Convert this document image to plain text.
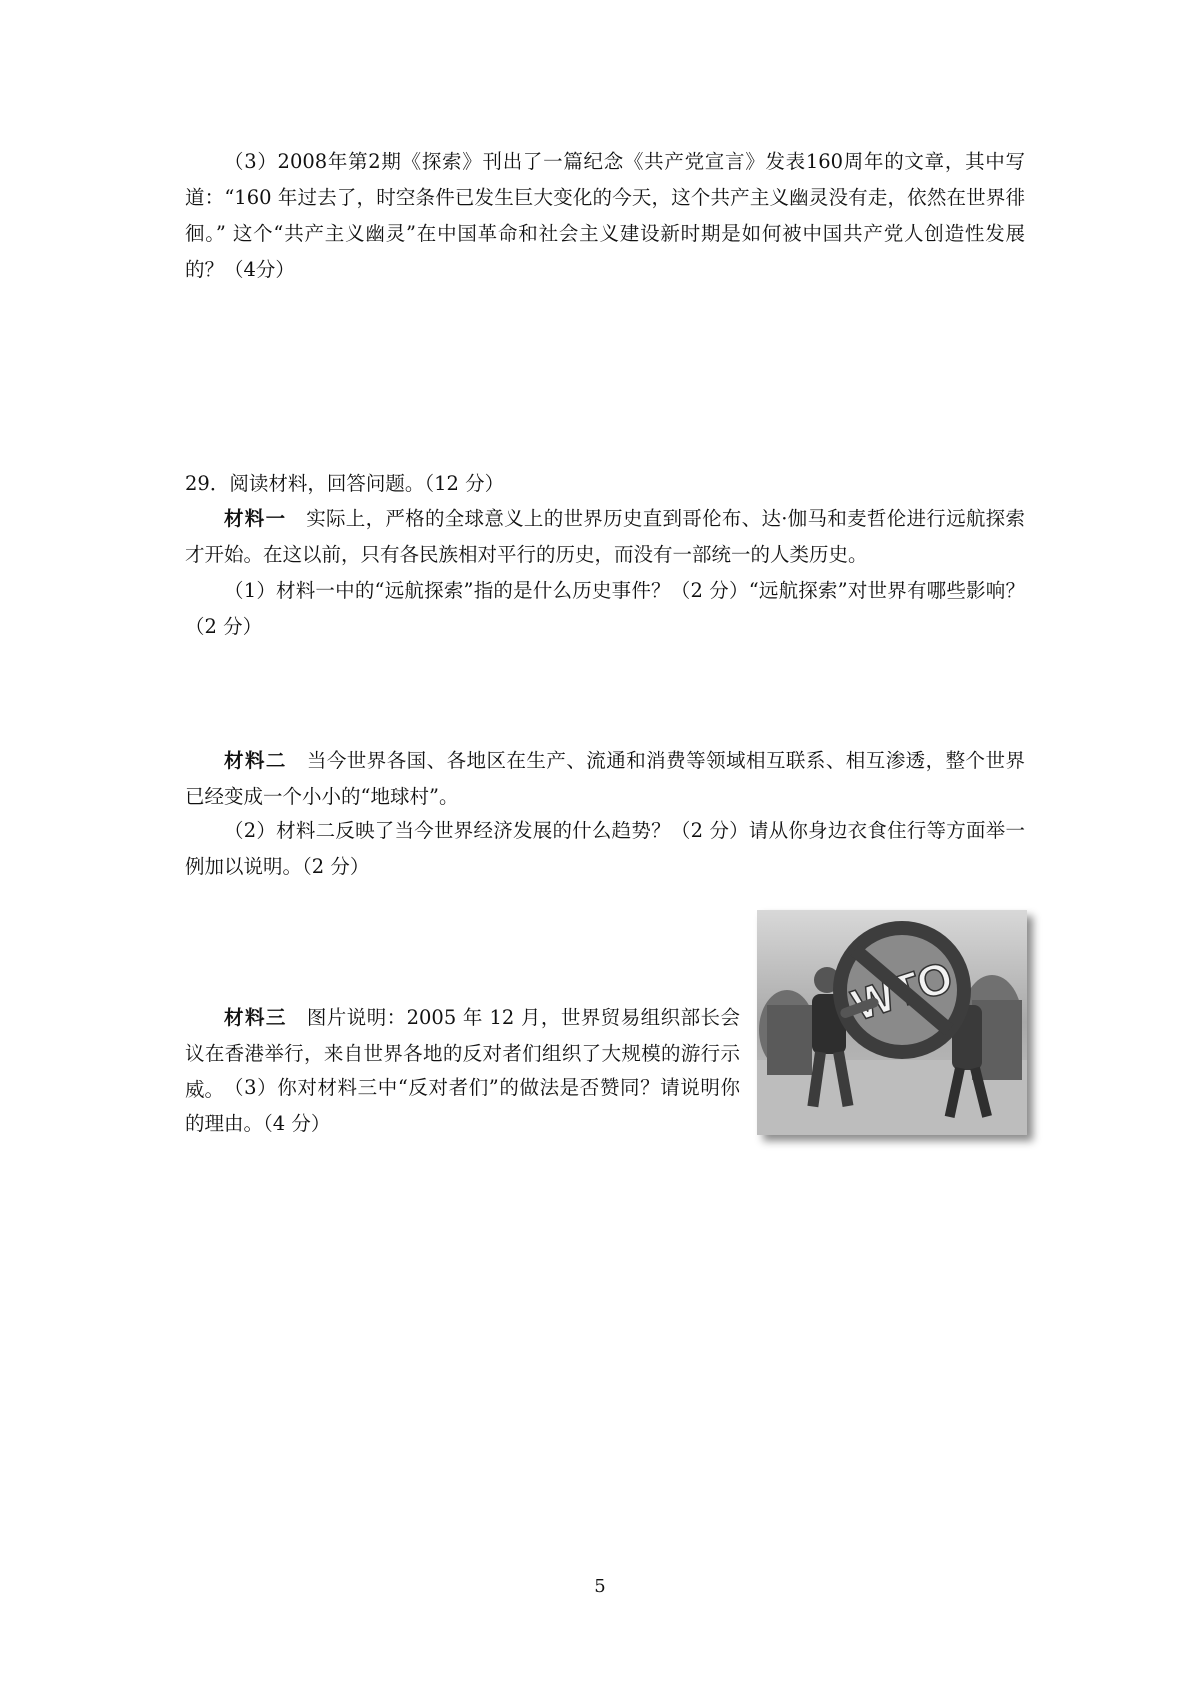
（3）2008年第2期《探索》刊出了一篇纪念《共产党宣言》发表160周年的文章，其中写道：“160 年过去了，时空条件已发生巨大变化的今天，这个共产主义幽灵没有走，依然在世界徘徊。” 这个“共产主义幽灵”在中国革命和社会主义建设新时期是如何被中国共产党人创造性发展的？（4分）

29．阅读材料，回答问题。（12 分）

材料一　 实际上，严格的全球意义上的世界历史直到哥伦布、达·伽马和麦哲伦进行远航探索才开始。在这以前，只有各民族相对平行的历史，而没有一部统一的人类历史。

（1）材料一中的“远航探索”指的是什么历史事件？（2 分）“远航探索”对世界有哪些影响？（2 分）

材料二　 当今世界各国、各地区在生产、流通和消费等领域相互联系、相互渗透，整个世界已经变成一个小小的“地球村”。

（2）材料二反映了当今世界经济发展的什么趋势？（2 分）请从你身边衣食住行等方面举一例加以说明。（2 分）

材料三　 图片说明：2005 年 12 月，世界贸易组织部长会议在香港举行，来自世界各地的反对者们组织了大规模的游行示威。 （3）你对材料三中“反对者们”的做法是否赞同？请说明你的理由。（4 分）

5
